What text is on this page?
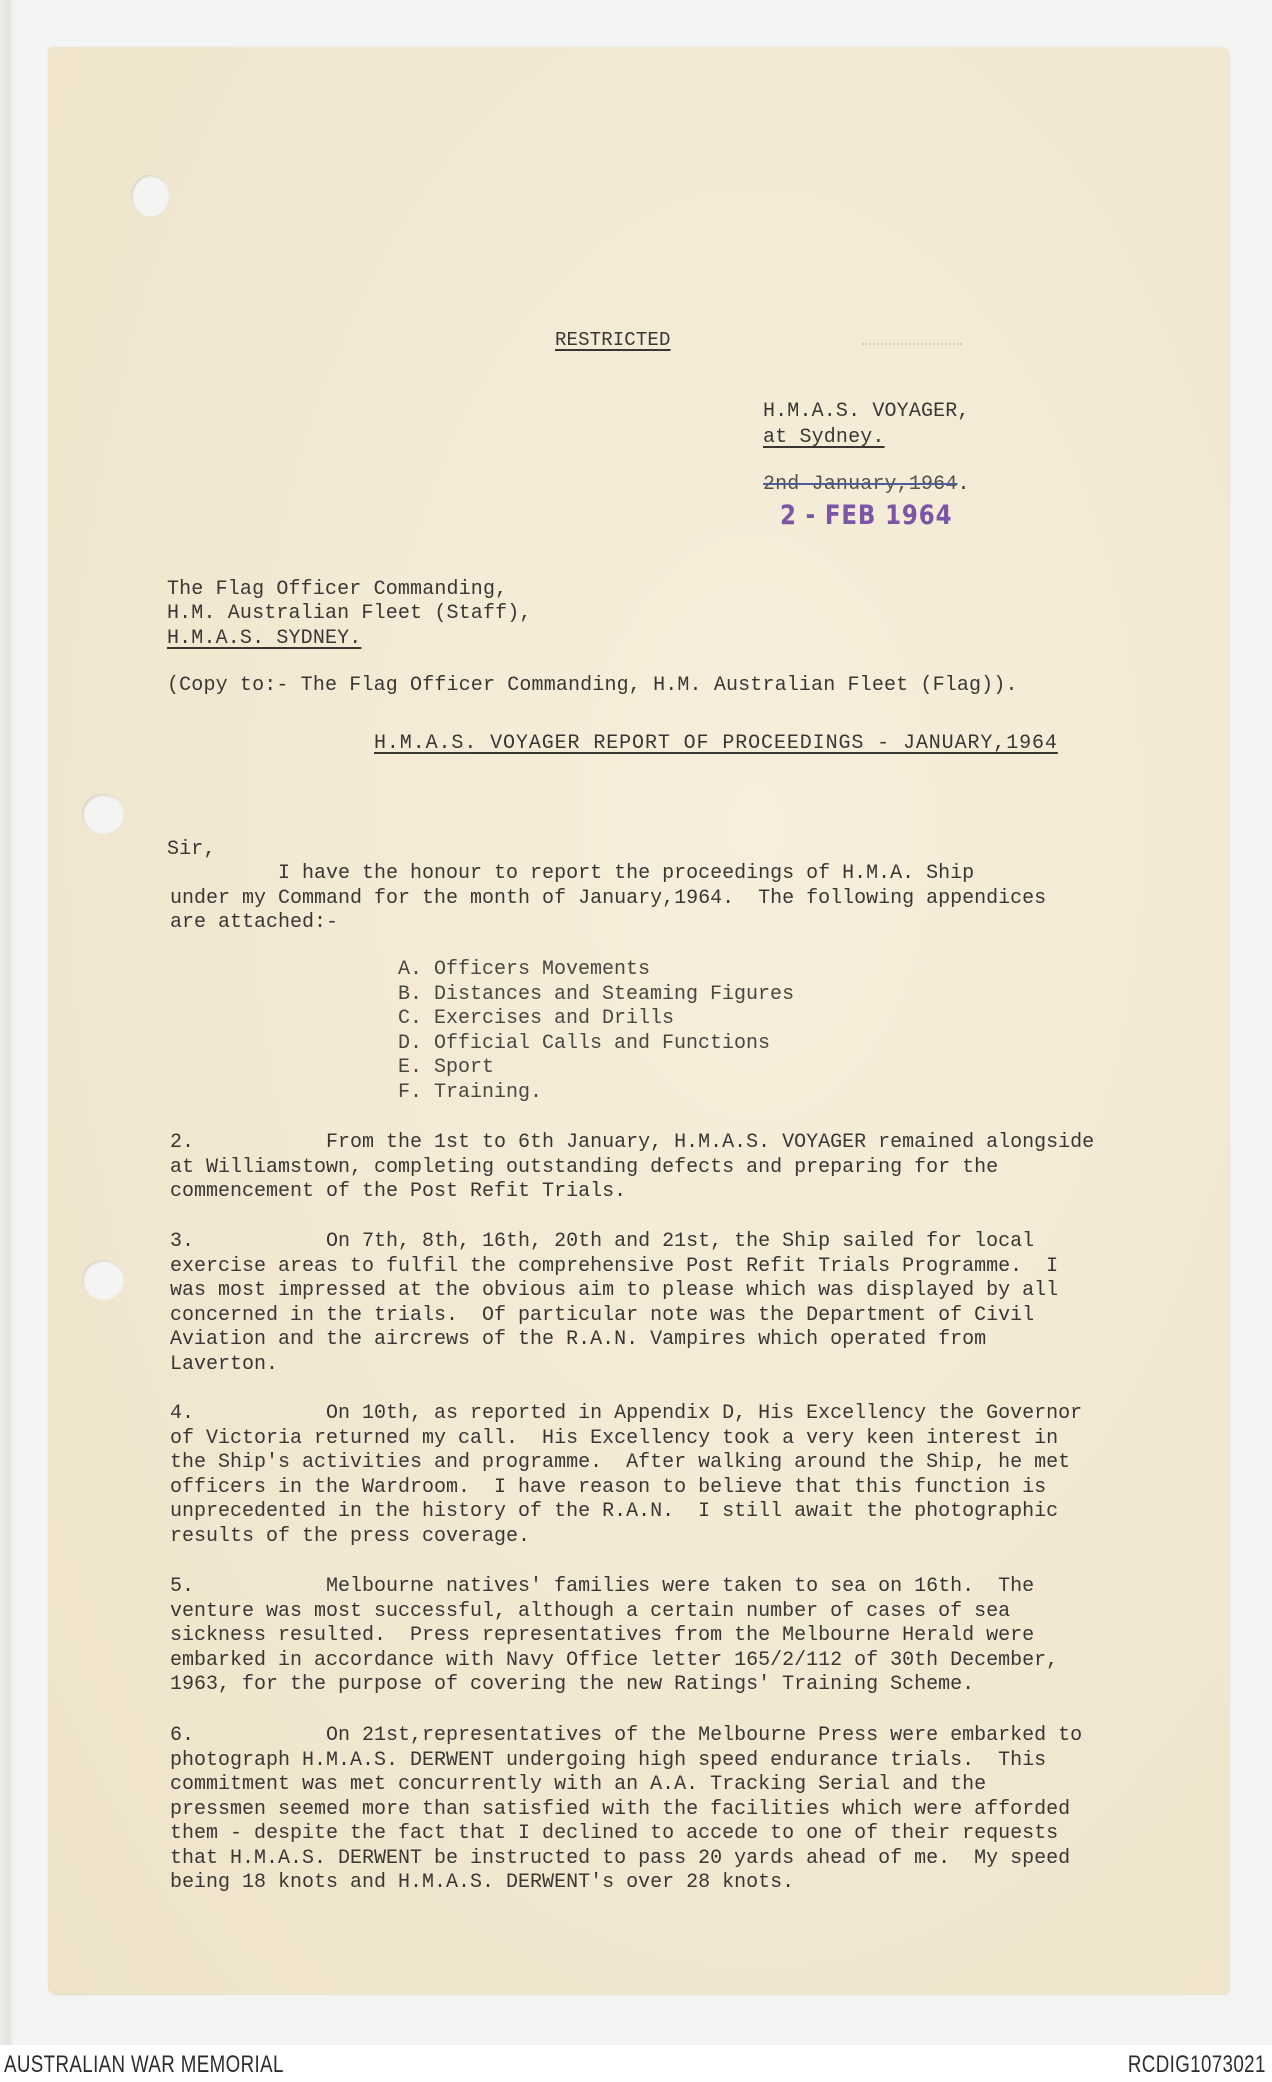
RESTRICTED
H.M.A.S. VOYAGER,
at Sydney.
2nd January,1964.
2 - FEB 1964
The Flag Officer Commanding,
H.M. Australian Fleet (Staff),
H.M.A.S. SYDNEY.
(Copy to:- The Flag Officer Commanding, H.M. Australian Fleet (Flag)).
H.M.A.S. VOYAGER REPORT OF PROCEEDINGS - JANUARY,1964
Sir,
I have the honour to report the proceedings of H.M.A. Ship
under my Command for the month of January,1964.  The following appendices
are attached:-
A. Officers Movements
B. Distances and Steaming Figures
C. Exercises and Drills
D. Official Calls and Functions
E. Sport
F. Training.
2.           From the 1st to 6th January, H.M.A.S. VOYAGER remained alongside
at Williamstown, completing outstanding defects and preparing for the
commencement of the Post Refit Trials.
3.           On 7th, 8th, 16th, 20th and 21st, the Ship sailed for local
exercise areas to fulfil the comprehensive Post Refit Trials Programme.  I
was most impressed at the obvious aim to please which was displayed by all
concerned in the trials.  Of particular note was the Department of Civil
Aviation and the aircrews of the R.A.N. Vampires which operated from
Laverton.
4.           On 10th, as reported in Appendix D, His Excellency the Governor
of Victoria returned my call.  His Excellency took a very keen interest in
the Ship's activities and programme.  After walking around the Ship, he met
officers in the Wardroom.  I have reason to believe that this function is
unprecedented in the history of the R.A.N.  I still await the photographic
results of the press coverage.
5.           Melbourne natives' families were taken to sea on 16th.  The
venture was most successful, although a certain number of cases of sea
sickness resulted.  Press representatives from the Melbourne Herald were
embarked in accordance with Navy Office letter 165/2/112 of 30th December,
1963, for the purpose of covering the new Ratings' Training Scheme.
6.           On 21st,representatives of the Melbourne Press were embarked to
photograph H.M.A.S. DERWENT undergoing high speed endurance trials.  This
commitment was met concurrently with an A.A. Tracking Serial and the
pressmen seemed more than satisfied with the facilities which were afforded
them - despite the fact that I declined to accede to one of their requests
that H.M.A.S. DERWENT be instructed to pass 20 yards ahead of me.  My speed
being 18 knots and H.M.A.S. DERWENT's over 28 knots.
AUSTRALIAN WAR MEMORIAL	RCDIG1073021
